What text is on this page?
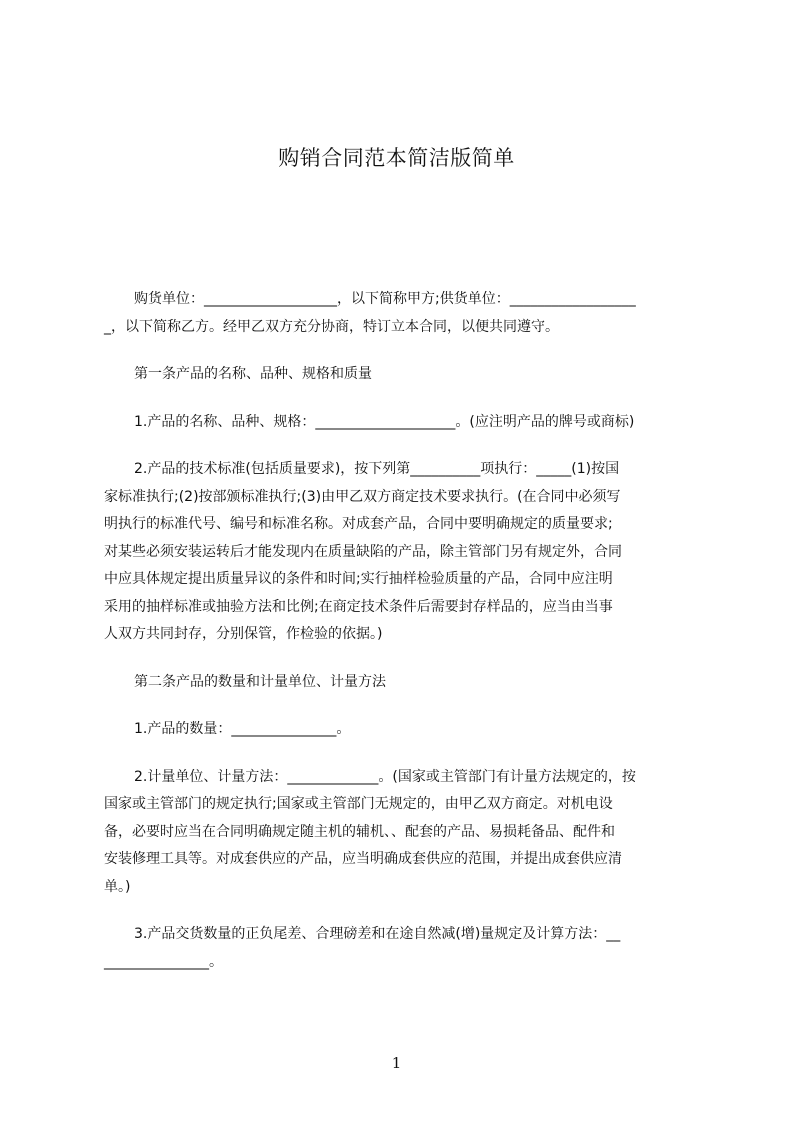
购销合同范本简洁版简单
购货单位：___________________，以下简称甲方;供货单位：__________________
_，以下简称乙方。经甲乙双方充分协商，特订立本合同，以便共同遵守。
第一条产品的名称、品种、规格和质量
1.产品的名称、品种、规格：____________________。(应注明产品的牌号或商标)
2.产品的技术标准(包括质量要求)，按下列第__________项执行：_____(1)按国
家标准执行;(2)按部颁标准执行;(3)由甲乙双方商定技术要求执行。(在合同中必须写
明执行的标准代号、编号和标准名称。对成套产品，合同中要明确规定的质量要求;
对某些必须安装运转后才能发现内在质量缺陷的产品，除主管部门另有规定外，合同
中应具体规定提出质量异议的条件和时间;实行抽样检验质量的产品，合同中应注明
采用的抽样标准或抽验方法和比例;在商定技术条件后需要封存样品的，应当由当事
人双方共同封存，分别保管，作检验的依据。)
第二条产品的数量和计量单位、计量方法
1.产品的数量：_______________。
2.计量单位、计量方法：_____________。(国家或主管部门有计量方法规定的，按
国家或主管部门的规定执行;国家或主管部门无规定的，由甲乙双方商定。对机电设
备，必要时应当在合同明确规定随主机的辅机、、配套的产品、易损耗备品、配件和
安装修理工具等。对成套供应的产品，应当明确成套供应的范围，并提出成套供应清
单。)
3.产品交货数量的正负尾差、合理磅差和在途自然减(增)量规定及计算方法：__
_______________。
1
